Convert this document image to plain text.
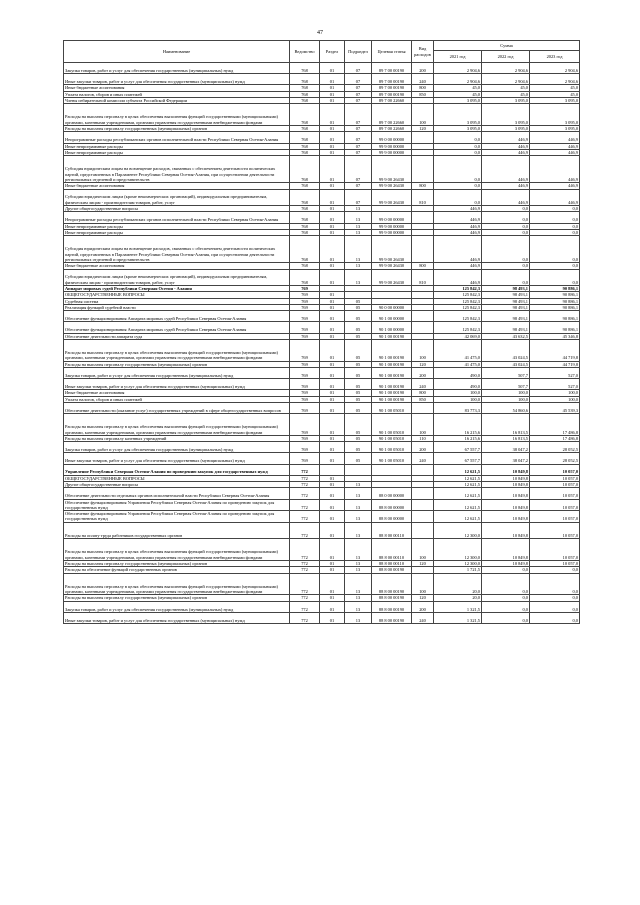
47
Наименование	Ведомство	Раздел	Подраздел	Целевая статья	Вид расходов	Сумма		
						2021 год	2022 год	2023 год
Закупка товаров, работ и услуг для обеспечения государственных (муниципальных) нужд	768	01	07	89 7 00 00190	200	2 904,6	2 904,6	2 904,6
Иные закупки товаров, работ и услуг для обеспечения государственных (муниципальных) нужд	768	01	07	89 7 00 00190	240	2 904,6	2 904,6	2 904,6
Иные бюджетные ассигнования	768	01	07	89 7 00 00190	800	45,0	45,0	45,0
Уплата налогов, сборов и иных платежей	768	01	07	89 7 00 00190	850	45,0	45,0	45,0
Члены избирательной комиссии субъекта Российской Федерации	768	01	07	89 7 00 22660		3 095,0	3 095,0	3 095,0
Расходы на выплаты персоналу в целях обеспечения выполнения функций государственными (муниципальными) органами, казенными учреждениями, органами управления государственными внебюджетными фондами	768	01	07	89 7 00 22660	100	3 095,0	3 095,0	3 095,0
Расходы на выплаты персоналу государственных (муниципальных) органов	768	01	07	89 7 00 22660	120	3 095,0	3 095,0	3 095,0
Непрограммные расходы республиканских органов исполнительной власти Республики Северная Осетия-Алания	768	01	07	99 0 00 00000		0,0	446,9	446,9
Иные непрограммные расходы	768	01	07	99 9 00 00000		0,0	446,9	446,9
Иные непрограммные расходы	768	01	07	99 9 00 00000		0,0	446,9	446,9
Субсидия юридическим лицам на возмещение расходов, связанных с обеспечением деятельности политических партий, представленных в Парламенте Республики Северная Осетия-Алания, при осуществлении деятельности региональных отделений и представительств	768	01	07	99 9 00 26430		0,0	446,9	446,9
Иные бюджетные ассигнования	768	01	07	99 9 00 26430	800	0,0	446,9	446,9
Субсидии юридическим лицам (кроме некоммерческих организаций), индивидуальным предпринимателям, физическим лицам - производителям товаров, работ, услуг	768	01	07	99 9 00 26430	810	0,0	446,9	446,9
Другие общегосударственные вопросы	768	01	13			446,9	0,0	0,0
Непрограммные расходы республиканских органов исполнительной власти Республики Северная Осетия-Алания	768	01	13	99 0 00 00000		446,9	0,0	0,0
Иные непрограммные расходы	768	01	13	99 9 00 00000		446,9	0,0	0,0
Иные непрограммные расходы	768	01	13	99 9 00 00000		446,9	0,0	0,0
Субсидия юридическим лицам на возмещение расходов, связанных с обеспечением деятельности политических партий, представленных в Парламенте Республики Северная Осетия-Алания, при осуществлении деятельности региональных отделений и представительств	768	01	13	99 9 00 26430		446,9	0,0	0,0
Иные бюджетные ассигнования	768	01	13	99 9 00 26430	800	446,9	0,0	0,0
Субсидии юридическим лицам (кроме некоммерческих организаций), индивидуальным предпринимателям, физическим лицам - производителям товаров, работ, услуг	768	01	13	99 9 00 26430	810	446,9	0,0	0,0
Аппарат мировых судей Республики Северная Осетия - Алания	769					125 842,3	98 493,1	90 886,1
ОБЩЕГОСУДАРСТВЕННЫЕ ВОПРОСЫ	769	01				125 842,3	98 493,1	90 886,1
Судебная система	769	01	05			125 842,3	98 493,1	90 886,1
Реализация функций судебной власти	769	01	05	90 0 00 00000		125 842,3	98 493,1	90 886,1
Обеспечение функционирования Аппарата мировых судей Республики Северная Осетия-Алания	769	01	05	90 1 00 00000		125 842,3	98 493,1	90 886,1
Обеспечение функционирования Аппарата мировых судей Республики Северная Осетия-Алания	769	01	05	90 1 00 00000		125 842,3	98 493,1	90 886,1
Обеспечение деятельности аппарата суда	769	01	05	90 1 00 00190		42 069,0	43 632,5	45 346,8
Расходы на выплаты персоналу в целях обеспечения выполнения функций государственными (муниципальными) органами, казенными учреждениями, органами управления государственными внебюджетными фондами	769	01	05	90 1 00 00190	100	41 475,0	43 024,5	44 719,8
Расходы на выплаты персоналу государственных (муниципальных) органов	769	01	05	90 1 00 00190	120	41 475,0	43 024,5	44 719,8
Закупка товаров, работ и услуг для обеспечения государственных (муниципальных) нужд	769	01	05	90 1 00 00190	200	490,0	507,7	527,0
Иные закупки товаров, работ и услуг для обеспечения государственных (муниципальных) нужд	769	01	05	90 1 00 00190	240	490,0	507,7	527,0
Иные бюджетные ассигнования	769	01	05	90 1 00 00190	800	100,0	100,0	100,0
Уплата налогов, сборов и иных платежей	769	01	05	90 1 00 00190	850	100,0	100,0	100,0
Обеспечение деятельности (оказание услуг) государственных учреждений в сфере общегосударственных вопросов	769	01	05	90 1 00 05010		83 773,3	54 860,6	45 539,3
Расходы на выплаты персоналу в целях обеспечения выполнения функций государственными (муниципальными) органами, казенными учреждениями, органами управления государственными внебюджетными фондами	769	01	05	90 1 00 05010	100	16 215,6	16 813,5	17 486,8
Расходы на выплаты персоналу казенных учреждений	769	01	05	90 1 00 05010	110	16 215,6	16 813,5	17 486,8
Закупка товаров, работ и услуг для обеспечения государственных (муниципальных) нужд	769	01	05	90 1 00 05010	200	67 557,7	38 047,2	28 052,5
Иные закупки товаров, работ и услуг для обеспечения государственных (муниципальных) нужд	769	01	05	90 1 00 05010	240	67 557,7	38 047,2	28 052,5
Управление Республики Северная Осетия-Алания по проведению закупок для государственных нужд	772					12 621,5	10 849,8	10 057,0
ОБЩЕГОСУДАРСТВЕННЫЕ ВОПРОСЫ	772	01				12 621,5	10 849,8	10 057,0
Другие общегосударственные вопросы	772	01	13			12 621,5	10 849,8	10 057,0
Обеспечение деятельности отдельных органов исполнительной власти Республики Северная Осетия-Алания	772	01	13	88 0 00 00000		12 621,5	10 849,8	10 057,0
Обеспечение функционирования Управления Республики Северная Осетия-Алания по проведению закупок для государственных нужд	772	01	13	88 8 00 00000		12 621,5	10 849,8	10 057,0
Обеспечение функционирования Управления Республики Северная Осетия-Алания по проведению закупок для государственных нужд	772	01	13	88 8 00 00000		12 621,5	10 849,8	10 057,0
Расходы на оплату труда работников государственных органов	772	01	13	88 8 00 00110		12 300,0	10 849,8	10 057,0
Расходы на выплаты персоналу в целях обеспечения выполнения функций государственными (муниципальными) органами, казенными учреждениями, органами управления государственными внебюджетными фондами	772	01	13	88 8 00 00110	100	12 300,0	10 849,8	10 057,0
Расходы на выплаты персоналу государственных (муниципальных) органов	772	01	13	88 8 00 00110	120	12 300,0	10 849,8	10 057,0
Расходы на обеспечение функций государственных органов	772	01	13	88 8 00 00190		1 721,5	0,0	0,0
Расходы на выплаты персоналу в целях обеспечения выполнения функций государственными (муниципальными) органами, казенными учреждениями, органами управления государственными внебюджетными фондами	772	01	13	88 8 00 00190	100	20,0	0,0	0,0
Расходы на выплаты персоналу государственных (муниципальных) органов	772	01	13	88 8 00 00190	120	20,0	0,0	0,0
Закупка товаров, работ и услуг для обеспечения государственных (муниципальных) нужд	772	01	13	88 8 00 00190	200	1 321,5	0,0	0,0
Иные закупки товаров, работ и услуг для обеспечения государственных (муниципальных) нужд	772	01	13	88 8 00 00190	240	1 321,5	0,0	0,0
